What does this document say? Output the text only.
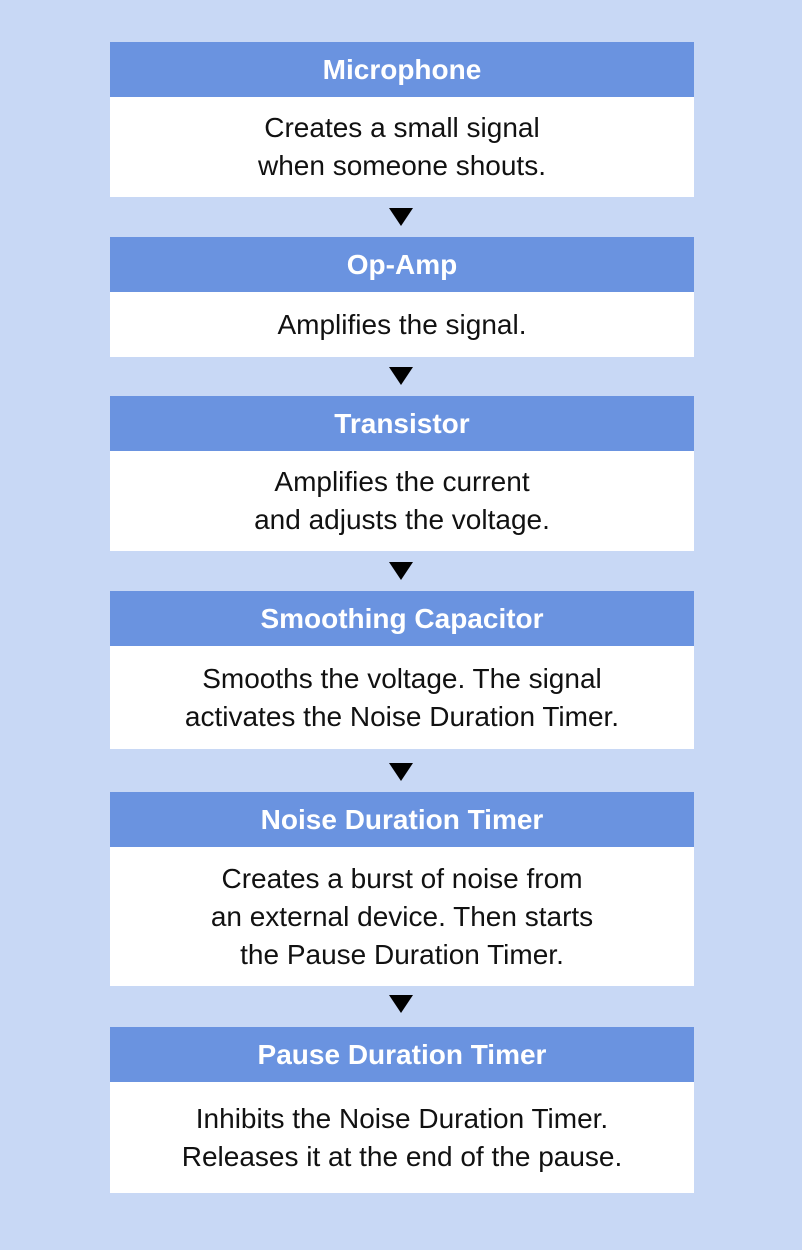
Microphone
Creates a small signal
when someone shouts.
Op-Amp
Amplifies the signal.
Transistor
Amplifies the current
and adjusts the voltage.
Smoothing Capacitor
Smooths the voltage. The signal
activates the Noise Duration Timer.
Noise Duration Timer
Creates a burst of noise from
an external device. Then starts
the Pause Duration Timer.
Pause Duration Timer
Inhibits the Noise Duration Timer.
Releases it at the end of the pause.
